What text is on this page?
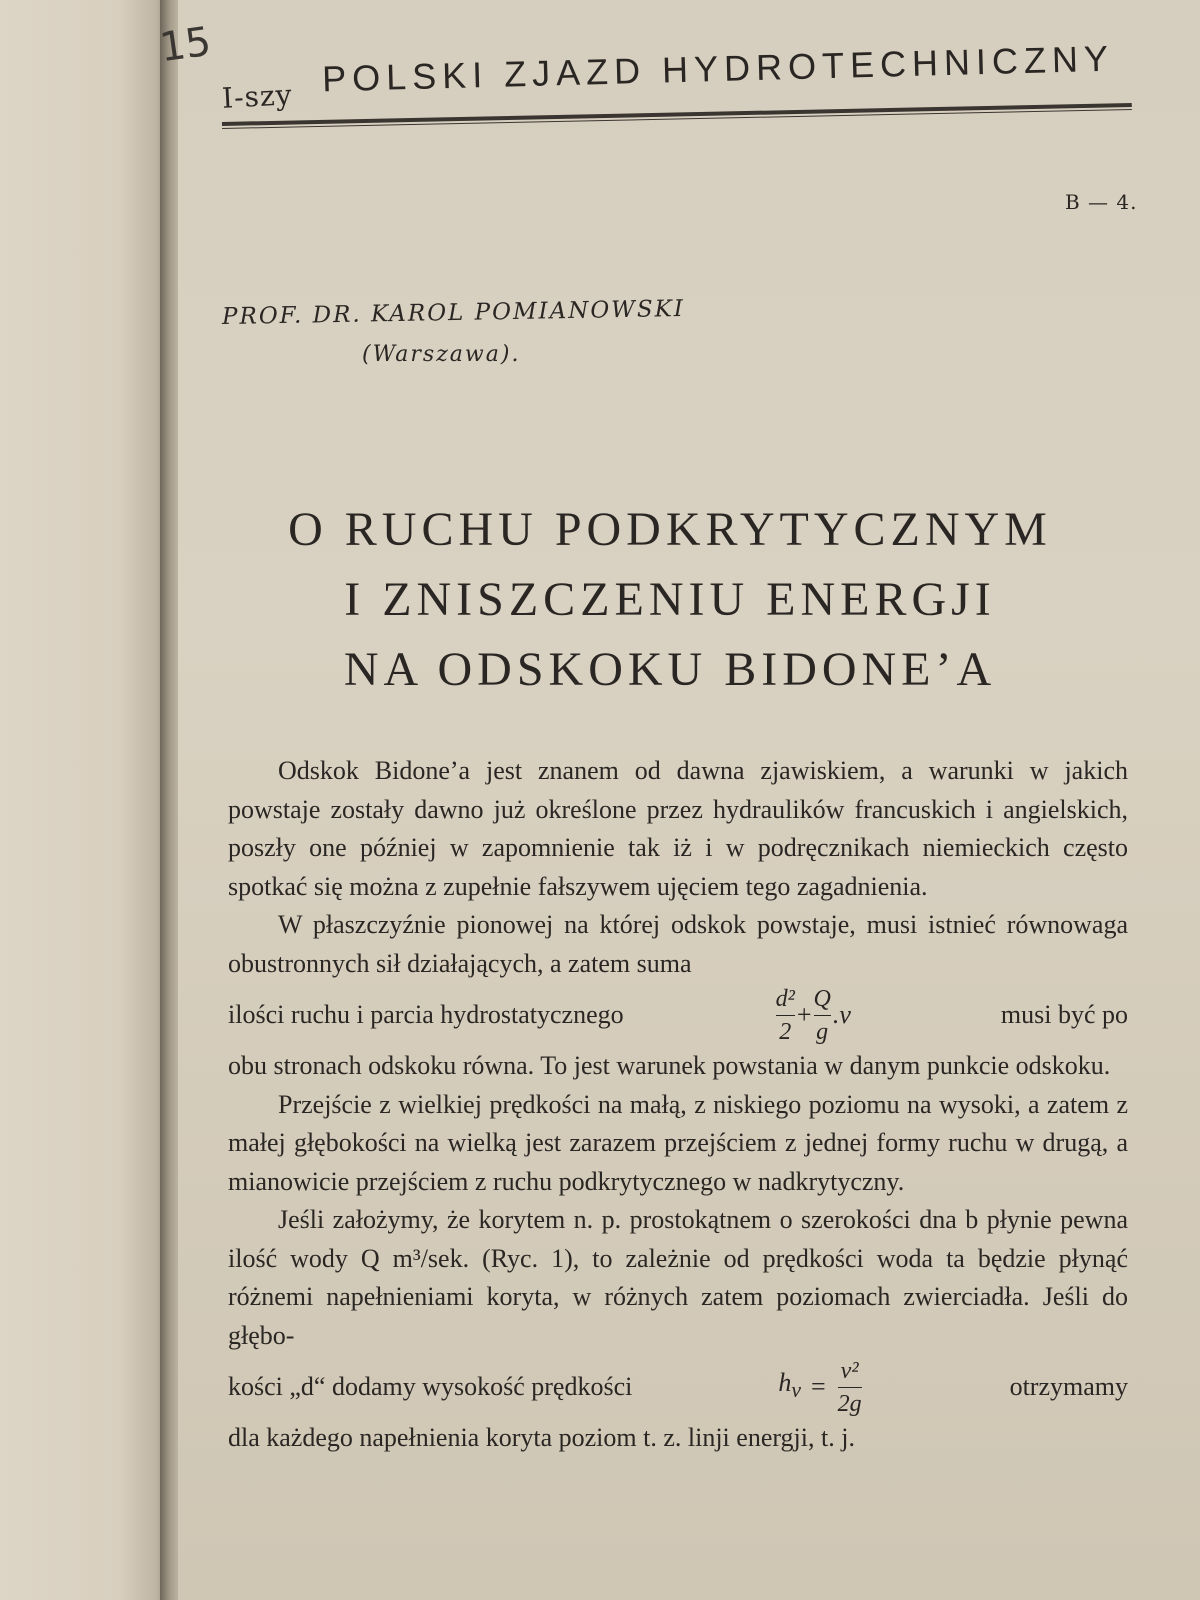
15
I-szy POLSKI ZJAZD HYDROTECHNICZNY
B — 4.
PROF. DR. KAROL POMIANOWSKI
(Warszawa).
O RUCHU PODKRYTYCZNYM
I ZNISZCZENIU ENERGJI
NA ODSKOKU BIDONE’A

Odskok Bidone’a jest znanem od dawna zjawiskiem, a warunki w jakich powstaje zostały dawno już określone przez hydraulików francuskich i angielskich, poszły one później w zapomnienie tak iż i w podręcznikach niemieckich często spotkać się można z zupełnie fałszywem ujęciem tego zagadnienia.

W płaszczyźnie pionowej na której odskok powstaje, musi istnieć równowaga obustronnych sił działających, a zatem suma

ilości ruchu i parcia hydrostatycznego	$\frac{\text{d²}}{2} + \frac{Q}{g} .v$	musi być po

obu stronach odskoku równa. To jest warunek powstania w danym punkcie odskoku.

Przejście z wielkiej prędkości na małą, z niskiego poziomu na wysoki, a zatem z małej głębokości na wielką jest zarazem przejściem z jednej formy ruchu w drugą, a mianowicie przejściem z ruchu podkrytycznego w nadkrytyczny.

Jeśli założymy, że korytem n. p. prostokątnem o szerokości dna b płynie pewna ilość wody Q m³/sek. (Ryc. 1), to zależnie od prędkości woda ta będzie płynąć różnemi napełnieniami koryta, w różnych zatem poziomach zwierciadła. Jeśli do głębo-

kości „d“ dodamy wysokość prędkości	$h_v = \frac{\text{v²}}{2g}$	otrzymamy

dla każdego napełnienia koryta poziom t. z. linji energji, t. j.
